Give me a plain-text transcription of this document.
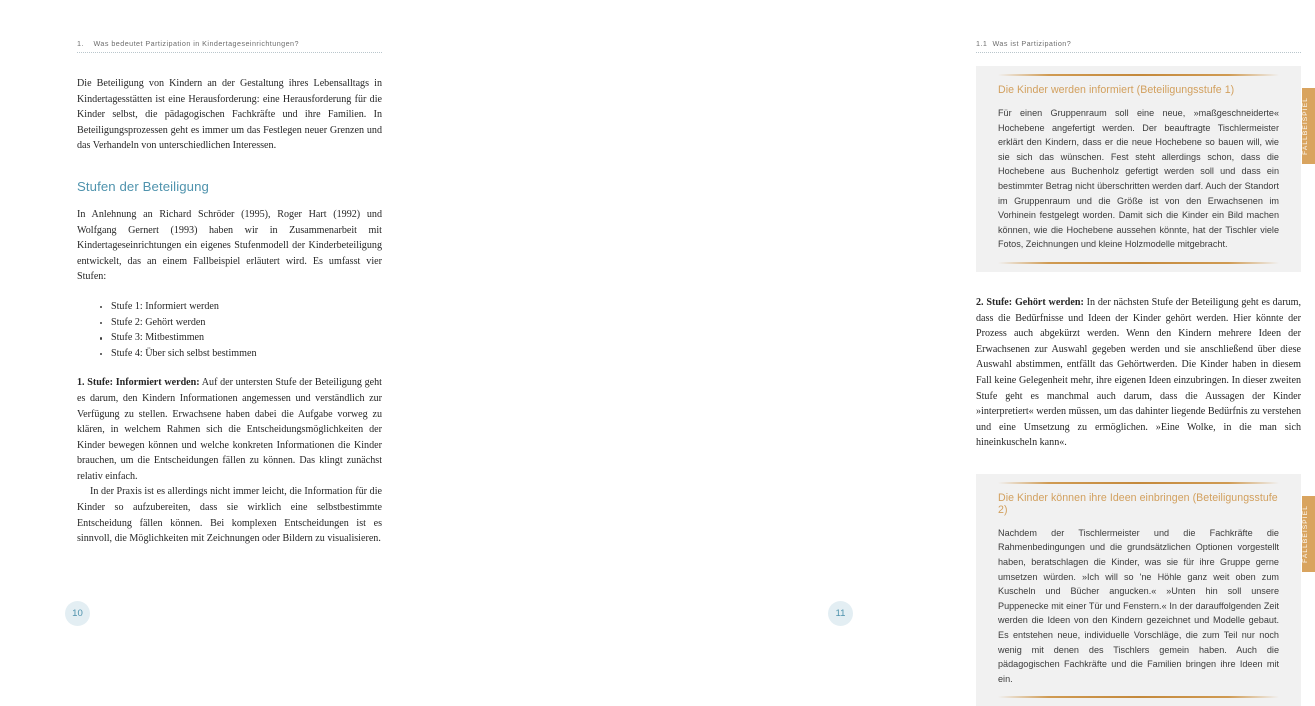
1. Was bedeutet Partizipation in Kindertageseinrichtungen?

Die Beteiligung von Kindern an der Gestaltung ihres Lebensalltags in Kindertagesstätten ist eine Herausforderung: eine Herausforderung für die Kinder selbst, die pädagogischen Fachkräfte und ihre Familien. In Beteiligungsprozessen geht es immer um das Festlegen neuer Grenzen und das Verhandeln von unterschiedlichen Interessen.

Stufen der Beteiligung

In Anlehnung an Richard Schröder (1995), Roger Hart (1992) und Wolfgang Gernert (1993) haben wir in Zusammenarbeit mit Kindertageseinrichtungen ein eigenes Stufenmodell der Kinderbeteiligung entwickelt, das an einem Fallbeispiel erläutert wird. Es umfasst vier Stufen:

Stufe 1: Informiert werden
Stufe 2: Gehört werden
Stufe 3: Mitbestimmen
Stufe 4: Über sich selbst bestimmen

1. Stufe: Informiert werden: Auf der untersten Stufe der Beteiligung geht es darum, den Kindern Informationen angemessen und verständlich zur Verfügung zu stellen. Erwachsene haben dabei die Aufgabe vorweg zu klären, in welchem Rahmen sich die Entscheidungsmöglichkeiten der Kinder bewegen können und welche konkreten Informationen die Kinder brauchen, um die Entscheidungen fällen zu können. Das klingt zunächst relativ einfach.

In der Praxis ist es allerdings nicht immer leicht, die Information für die Kinder so aufzubereiten, dass sie wirklich eine selbstbestimmte Entscheidung fällen können. Bei komplexen Entscheidungen ist es sinnvoll, die Möglichkeiten mit Zeichnungen oder Bildern zu visualisieren.

10
1.1 Was ist Partizipation?
FALLBEISPIEL
Die Kinder werden informiert (Beteiligungsstufe 1)

Für einen Gruppenraum soll eine neue, »maßgeschneiderte« Hochebene angefertigt werden. Der beauftragte Tischlermeister erklärt den Kindern, dass er die neue Hochebene so bauen will, wie sie sich das wünschen. Fest steht allerdings schon, dass die Hochebene aus Buchenholz gefertigt werden soll und dass ein bestimmter Betrag nicht überschritten werden darf. Auch der Standort im Gruppenraum und die Größe ist von den Erwachsenen im Vorhinein festgelegt worden. Damit sich die Kinder ein Bild machen können, wie die Hochebene aussehen könnte, hat der Tischler viele Fotos, Zeichnungen und kleine Holzmodelle mitgebracht.

2. Stufe: Gehört werden: In der nächsten Stufe der Beteiligung geht es darum, dass die Bedürfnisse und Ideen der Kinder gehört werden. Hier könnte der Prozess auch abgekürzt werden. Wenn den Kindern mehrere Ideen der Erwachsenen zur Auswahl gegeben werden und sie anschließend über diese Auswahl abstimmen, entfällt das Gehörtwerden. Die Kinder haben in diesem Fall keine Gelegenheit mehr, ihre eigenen Ideen einzubringen. In dieser zweiten Stufe geht es manchmal auch darum, dass die Aussagen der Kinder »interpretiert« werden müssen, um das dahinter liegende Bedürfnis zu verstehen und eine Umsetzung zu ermöglichen. »Eine Wolke, in die man sich hineinkuscheln kann«.

FALLBEISPIEL
Die Kinder können ihre Ideen einbringen (Beteiligungsstufe 2)

Nachdem der Tischlermeister und die Fachkräfte die Rahmenbedingungen und die grundsätzlichen Optionen vorgestellt haben, beratschlagen die Kinder, was sie für ihre Gruppe gerne umsetzen würden. »Ich will so 'ne Höhle ganz weit oben zum Kuscheln und Bücher angucken.« »Unten hin soll unsere Puppenecke mit einer Tür und Fenstern.« In der darauffolgenden Zeit werden die Ideen von den Kindern gezeichnet und Modelle gebaut. Es entstehen neue, individuelle Vorschläge, die zum Teil nur noch wenig mit denen des Tischlers gemein haben. Auch die pädagogischen Fachkräfte und die Familien bringen ihre Ideen mit ein.

11
